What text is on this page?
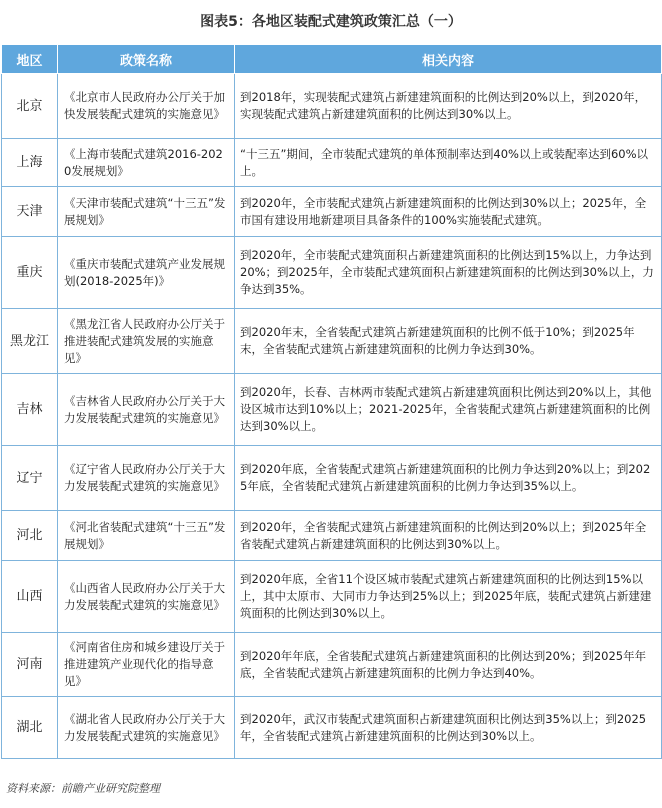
图表5：各地区装配式建筑政策汇总（一）
地区	政策名称	相关内容
北京	《北京市人民政府办公厅关于加快发展装配式建筑的实施意见》	到2018年，实现装配式建筑占新建建筑面积的比例达到20%以上，到2020年，实现装配式建筑占新建建筑面积的比例达到30%以上。
上海	《上海市装配式建筑2016-2020发展规划》	“十三五”期间，全市装配式建筑的单体预制率达到40%以上或装配率达到60%以上。
天津	《天津市装配式建筑“十三五”发展规划》	到2020年，全市装配式建筑占新建建筑面积的比例达到30%以上；2025年，全市国有建设用地新建项目具备条件的100%实施装配式建筑。
重庆	《重庆市装配式建筑产业发展规划(2018-2025年)》	到2020年，全市装配式建筑面积占新建建筑面积的比例达到15%以上，力争达到20%；到2025年，全市装配式建筑面积占新建建筑面积的比例达到30%以上，力争达到35%。
黑龙江	《黑龙江省人民政府办公厅关于推进装配式建筑发展的实施意见》	到2020年末，全省装配式建筑占新建建筑面积的比例不低于10%；到2025年末，全省装配式建筑占新建建筑面积的比例力争达到30%。
吉林	《吉林省人民政府办公厅关于大力发展装配式建筑的实施意见》	到2020年，长春、吉林两市装配式建筑占新建建筑面积比例达到20%以上，其他设区城市达到10%以上；2021-2025年，全省装配式建筑占新建建筑面积的比例达到30%以上。
辽宁	《辽宁省人民政府办公厅关于大力发展装配式建筑的实施意见》	到2020年底，全省装配式建筑占新建建筑面积的比例力争达到20%以上；到2025年底，全省装配式建筑占新建建筑面积的比例力争达到35%以上。
河北	《河北省装配式建筑“十三五”发展规划》	到2020年，全省装配式建筑占新建建筑面积的比例达到20%以上；到2025年全省装配式建筑占新建建筑面积的比例达到30%以上。
山西	《山西省人民政府办公厅关于大力发展装配式建筑的实施意见》	到2020年底，全省11个设区城市装配式建筑占新建建筑面积的比例达到15%以上，其中太原市、大同市力争达到25%以上；到2025年底，装配式建筑占新建建筑面积的比例达到30%以上。
河南	《河南省住房和城乡建设厅关于推进建筑产业现代化的指导意见》	到2020年年底，全省装配式建筑占新建建筑面积的比例达到20%；到2025年年底，全省装配式建筑占新建建筑面积的比例力争达到40%。
湖北	《湖北省人民政府办公厅关于大力发展装配式建筑的实施意见》	到2020年，武汉市装配式建筑面积占新建建筑面积比例达到35%以上；到2025年，全省装配式建筑占新建建筑面积的比例达到30%以上。
资料来源：前瞻产业研究院整理
